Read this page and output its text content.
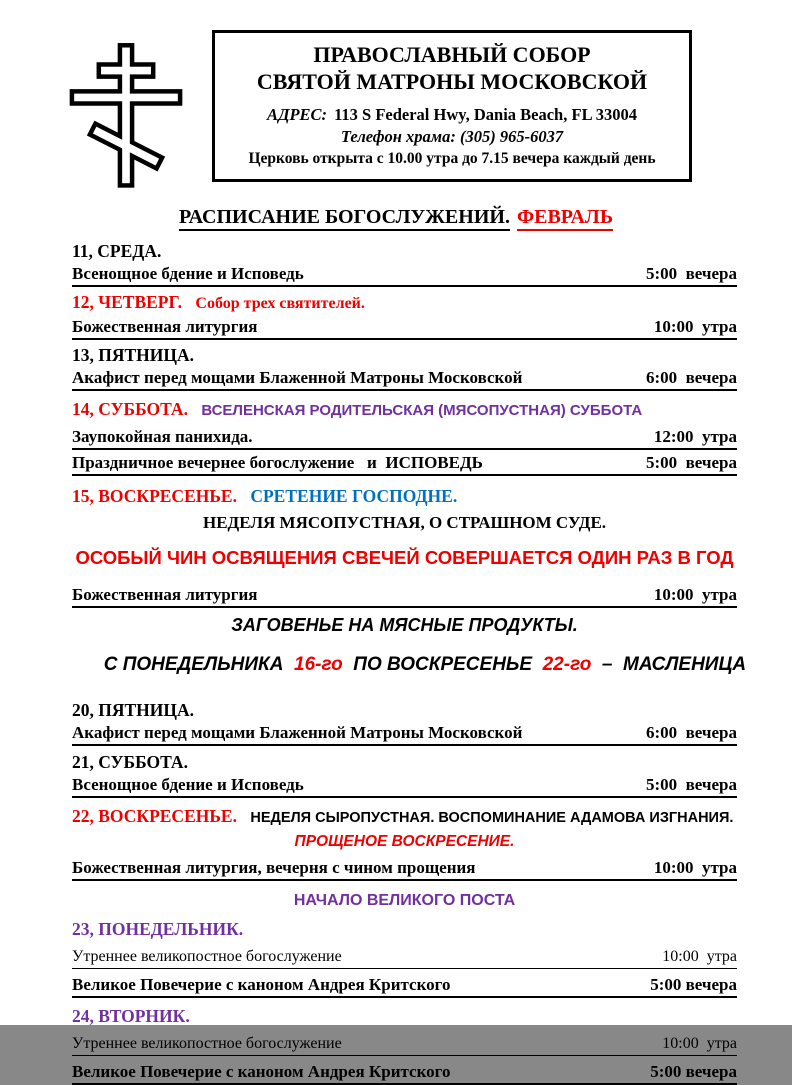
ПРАВОСЛАВНЫЙ СОБОР
СВЯТОЙ МАТРОНЫ МОСКОВСКОЙ
АДРЕС: 113 S Federal Hwy, Dania Beach, FL 33004
Телефон храма: (305) 965-6037
Церковь открыта с 10.00 утра до 7.15 вечера каждый день
РАСПИСАНИЕ БОГОСЛУЖЕНИЙ. ФЕВРАЛЬ
11, СРЕДА.
Всенощное бдение и Исповедь	5:00  вечера
12, ЧЕТВЕРГ. Собор трех святителей.
Божественная литургия	10:00  утра
13, ПЯТНИЦА.
Акафист перед мощами Блаженной Матроны Московской	6:00  вечера
14, СУББОТА. ВСЕЛЕНСКАЯ РОДИТЕЛЬСКАЯ (МЯСОПУСТНАЯ) СУББОТА
Заупокойная панихида.	12:00  утра
Праздничное вечернее богослужение   и  ИСПОВЕДЬ	5:00  вечера
15, ВОСКРЕСЕНЬЕ. СРЕТЕНИЕ ГОСПОДНЕ.
НЕДЕЛЯ МЯСОПУСТНАЯ, О СТРАШНОМ СУДЕ.
ОСОБЫЙ ЧИН ОСВЯЩЕНИЯ СВЕЧЕЙ СОВЕРШАЕТСЯ ОДИН РАЗ В ГОД
Божественная литургия	10:00  утра
ЗАГОВЕНЬЕ НА МЯСНЫЕ ПРОДУКТЫ.

С ПОНЕДЕЛЬНИКА  16-го  ПО ВОСКРЕСЕНЬЕ  22-го  –  МАСЛЕНИЦА

20, ПЯТНИЦА.
Акафист перед мощами Блаженной Матроны Московской	6:00  вечера
21, СУББОТА.
Всенощное бдение и Исповедь	5:00  вечера
22, ВОСКРЕСЕНЬЕ. НЕДЕЛЯ СЫРОПУСТНАЯ. ВОСПОМИНАНИЕ АДАМОВА ИЗГНАНИЯ.
ПРОЩЕНОЕ ВОСКРЕСЕНИЕ.
Божественная литургия, вечерня с чином прощения	10:00  утра
НАЧАЛО ВЕЛИКОГО ПОСТА
23, ПОНЕДЕЛЬНИК.
Утреннее великопостное богослужение	10:00  утра
Великое Повечерие с каноном Андрея Критского	5:00 вечера
24, ВТОРНИК.
Утреннее великопостное богослужение	10:00  утра
Великое Повечерие с каноном Андрея Критского	5:00 вечера
